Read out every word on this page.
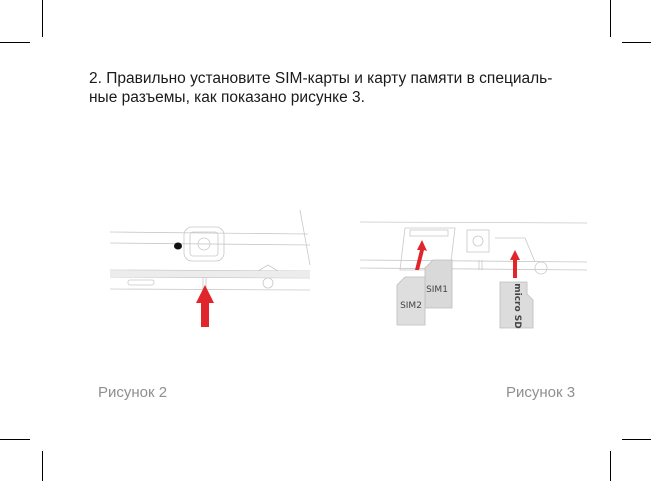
2. Правильно установите SIM-карты и карту памяти в специаль-
ные разъемы, как показано рисунке 3.
SIM1
SIM2	micro SD
Рисунок 2	Рисунок 3
